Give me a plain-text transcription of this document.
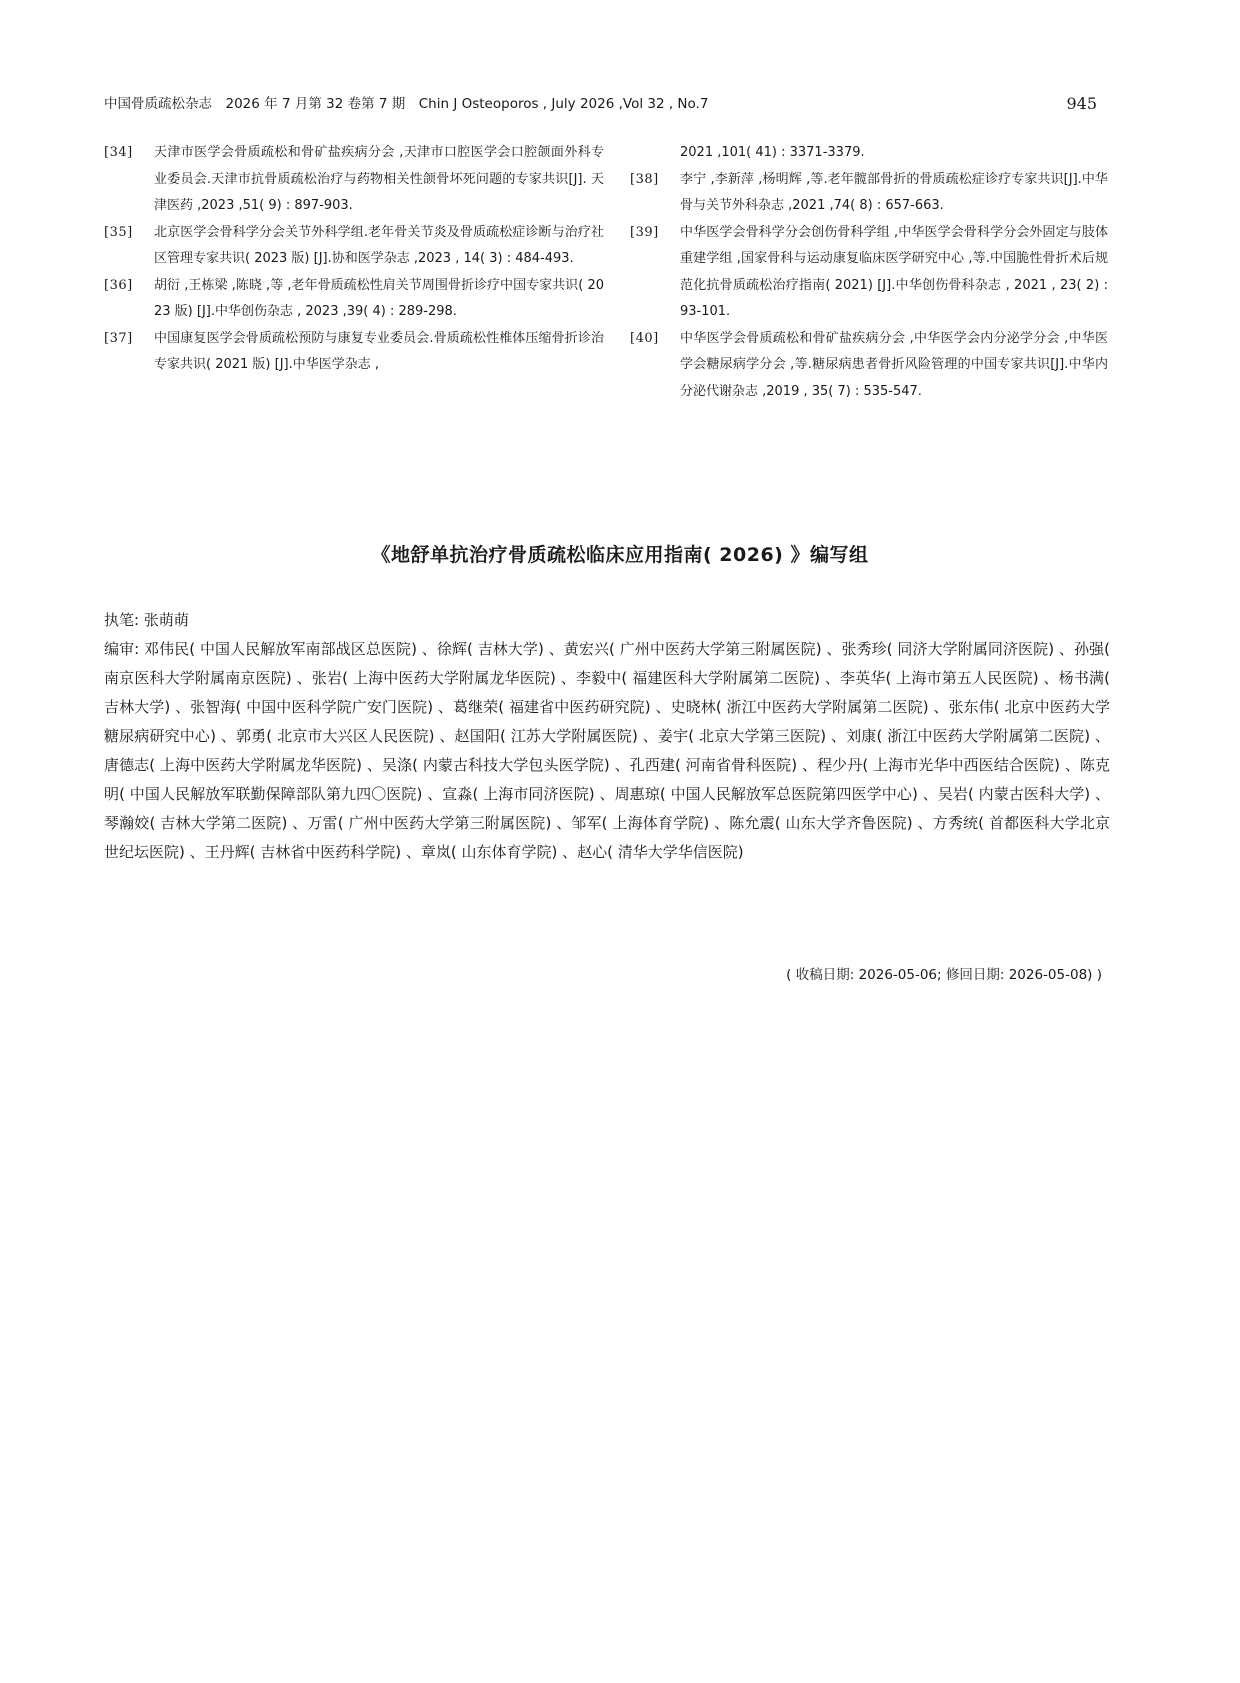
中国骨质疏松杂志　2026 年 7 月第 32 卷第 7 期　Chin J Osteoporos , July 2026 ,Vol 32 , No.7	945
[34]	天津市医学会骨质疏松和骨矿盐疾病分会 ,天津市口腔医学会口腔颌面外科专业委员会.天津市抗骨质疏松治疗与药物相关性颌骨坏死问题的专家共识[J]. 天津医药 ,2023 ,51( 9) : 897-903.
[35]	北京医学会骨科学分会关节外科学组.老年骨关节炎及骨质疏松症诊断与治疗社区管理专家共识( 2023 版) [J].协和医学杂志 ,2023 , 14( 3) : 484-493.
[36]	胡衍 ,王栋梁 ,陈晓 ,等 ,老年骨质疏松性肩关节周围骨折诊疗中国专家共识( 2023 版) [J].中华创伤杂志 , 2023 ,39( 4) : 289-298.
[37]	中国康复医学会骨质疏松预防与康复专业委员会.骨质疏松性椎体压缩骨折诊治专家共识( 2021 版) [J].中华医学杂志 ,
2021 ,101( 41) : 3371-3379.
[38]	李宁 ,李新萍 ,杨明辉 ,等.老年髋部骨折的骨质疏松症诊疗专家共识[J].中华骨与关节外科杂志 ,2021 ,74( 8) : 657-663.
[39]	中华医学会骨科学分会创伤骨科学组 ,中华医学会骨科学分会外固定与肢体重建学组 ,国家骨科与运动康复临床医学研究中心 ,等.中国脆性骨折术后规范化抗骨质疏松治疗指南( 2021) [J].中华创伤骨科杂志 , 2021 , 23( 2) : 93-101.
[40]	中华医学会骨质疏松和骨矿盐疾病分会 ,中华医学会内分泌学分会 ,中华医学会糖尿病学分会 ,等.糖尿病患者骨折风险管理的中国专家共识[J].中华内分泌代谢杂志 ,2019 , 35( 7) : 535-547.
《地舒单抗治疗骨质疏松临床应用指南( 2026) 》编写组
执笔: 张萌萌
编审: 邓伟民( 中国人民解放军南部战区总医院) 、徐辉( 吉林大学) 、黄宏兴( 广州中医药大学第三附属医院) 、张秀珍( 同济大学附属同济医院) 、孙强( 南京医科大学附属南京医院) 、张岩( 上海中医药大学附属龙华医院) 、李毅中( 福建医科大学附属第二医院) 、李英华( 上海市第五人民医院) 、杨书满( 吉林大学) 、张智海( 中国中医科学院广安门医院) 、葛继荣( 福建省中医药研究院) 、史晓林( 浙江中医药大学附属第二医院) 、张东伟( 北京中医药大学糖尿病研究中心) 、郭勇( 北京市大兴区人民医院) 、赵国阳( 江苏大学附属医院) 、姜宇( 北京大学第三医院) 、刘康( 浙江中医药大学附属第二医院) 、唐德志( 上海中医药大学附属龙华医院) 、吴涤( 内蒙古科技大学包头医学院) 、孔西建( 河南省骨科医院) 、程少丹( 上海市光华中西医结合医院) 、陈克明( 中国人民解放军联勤保障部队第九四〇医院) 、宣淼( 上海市同济医院) 、周惠琼( 中国人民解放军总医院第四医学中心) 、吴岩( 内蒙古医科大学) 、琴瀚姣( 吉林大学第二医院) 、万雷( 广州中医药大学第三附属医院) 、邹军( 上海体育学院) 、陈允震( 山东大学齐鲁医院) 、方秀统( 首都医科大学北京世纪坛医院) 、王丹辉( 吉林省中医药科学院) 、章岚( 山东体育学院) 、赵心( 清华大学华信医院)
( 收稿日期: 2026-05-06; 修回日期: 2026-05-08) )
